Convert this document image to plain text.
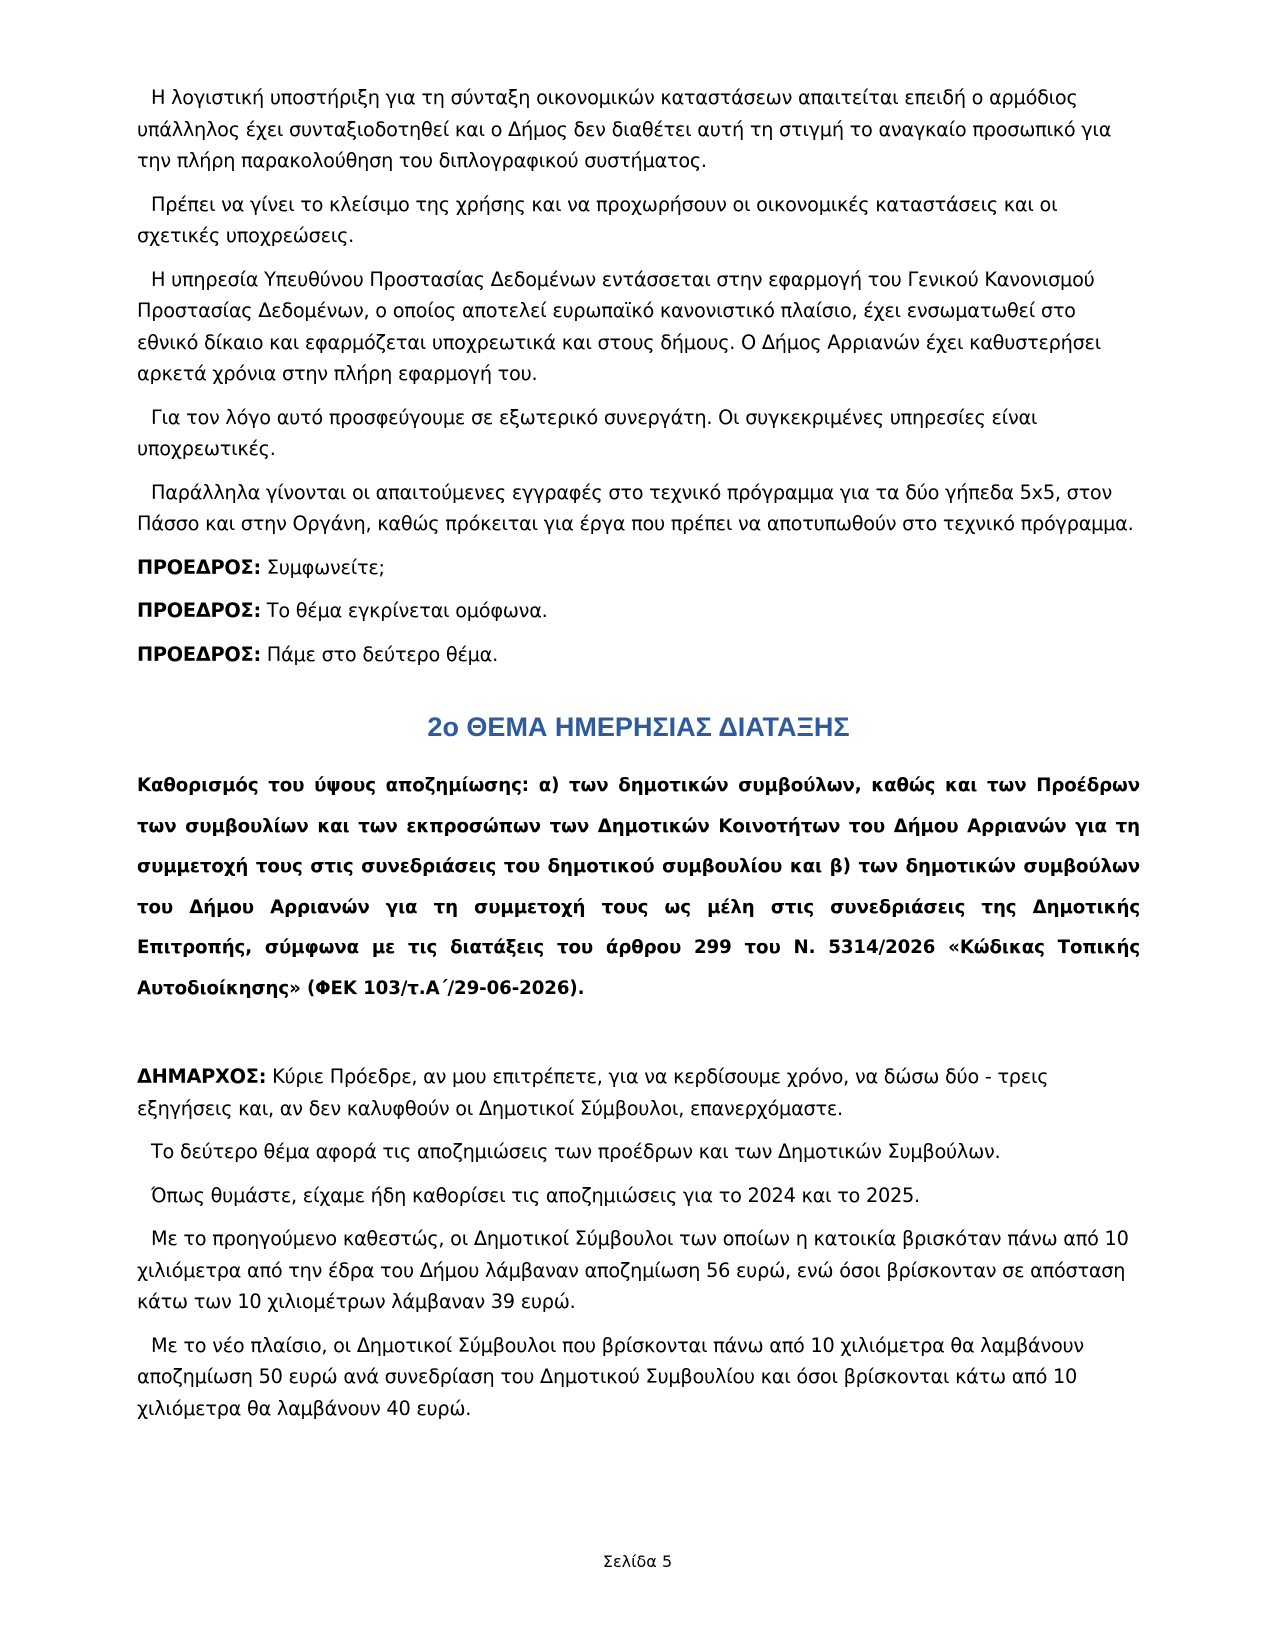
Η λογιστική υποστήριξη για τη σύνταξη οικονομικών καταστάσεων απαιτείται επειδή ο αρμόδιος υπάλληλος έχει συνταξιοδοτηθεί και ο Δήμος δεν διαθέτει αυτή τη στιγμή το αναγκαίο προσωπικό για την πλήρη παρακολούθηση του διπλογραφικού συστήματος.

Πρέπει να γίνει το κλείσιμο της χρήσης και να προχωρήσουν οι οικονομικές καταστάσεις και οι σχετικές υποχρεώσεις.

Η υπηρεσία Υπευθύνου Προστασίας Δεδομένων εντάσσεται στην εφαρμογή του Γενικού Κανονισμού Προστασίας Δεδομένων, ο οποίος αποτελεί ευρωπαϊκό κανονιστικό πλαίσιο, έχει ενσωματωθεί στο εθνικό δίκαιο και εφαρμόζεται υποχρεωτικά και στους δήμους. Ο Δήμος Αρριανών έχει καθυστερήσει αρκετά χρόνια στην πλήρη εφαρμογή του.

Για τον λόγο αυτό προσφεύγουμε σε εξωτερικό συνεργάτη. Οι συγκεκριμένες υπηρεσίες είναι υποχρεωτικές.

Παράλληλα γίνονται οι απαιτούμενες εγγραφές στο τεχνικό πρόγραμμα για τα δύο γήπεδα 5x5, στον Πάσσο και στην Οργάνη, καθώς πρόκειται για έργα που πρέπει να αποτυπωθούν στο τεχνικό πρόγραμμα.

ΠΡΟΕΔΡΟΣ: Συμφωνείτε;

ΠΡΟΕΔΡΟΣ: Το θέμα εγκρίνεται ομόφωνα.

ΠΡΟΕΔΡΟΣ: Πάμε στο δεύτερο θέμα.

2ο ΘΕΜΑ ΗΜΕΡΗΣΙΑΣ ΔΙΑΤΑΞΗΣ

Καθορισμός του ύψους αποζημίωσης: α) των δημοτικών συμβούλων, καθώς και των Προέδρων των συμβουλίων και των εκπροσώπων των Δημοτικών Κοινοτήτων του Δήμου Αρριανών για τη συμμετοχή τους στις συνεδριάσεις του δημοτικού συμβουλίου και β) των δημοτικών συμβούλων του Δήμου Αρριανών για τη συμμετοχή τους ως μέλη στις συνεδριάσεις της Δημοτικής Επιτροπής, σύμφωνα με τις διατάξεις του άρθρου 299 του Ν. 5314/2026 «Κώδικας Τοπικής Αυτοδιοίκησης» (ΦΕΚ 103/τ.Α΄/29-06-2026).

ΔΗΜΑΡΧΟΣ: Κύριε Πρόεδρε, αν μου επιτρέπετε, για να κερδίσουμε χρόνο, να δώσω δύο - τρεις εξηγήσεις και, αν δεν καλυφθούν οι Δημοτικοί Σύμβουλοι, επανερχόμαστε.

Το δεύτερο θέμα αφορά τις αποζημιώσεις των προέδρων και των Δημοτικών Συμβούλων.

Όπως θυμάστε, είχαμε ήδη καθορίσει τις αποζημιώσεις για το 2024 και το 2025.

Με το προηγούμενο καθεστώς, οι Δημοτικοί Σύμβουλοι των οποίων η κατοικία βρισκόταν πάνω από 10 χιλιόμετρα από την έδρα του Δήμου λάμβαναν αποζημίωση 56 ευρώ, ενώ όσοι βρίσκονταν σε απόσταση κάτω των 10 χιλιομέτρων λάμβαναν 39 ευρώ.

Με το νέο πλαίσιο, οι Δημοτικοί Σύμβουλοι που βρίσκονται πάνω από 10 χιλιόμετρα θα λαμβάνουν αποζημίωση 50 ευρώ ανά συνεδρίαση του Δημοτικού Συμβουλίου και όσοι βρίσκονται κάτω από 10 χιλιόμετρα θα λαμβάνουν 40 ευρώ.

Σελίδα 5
